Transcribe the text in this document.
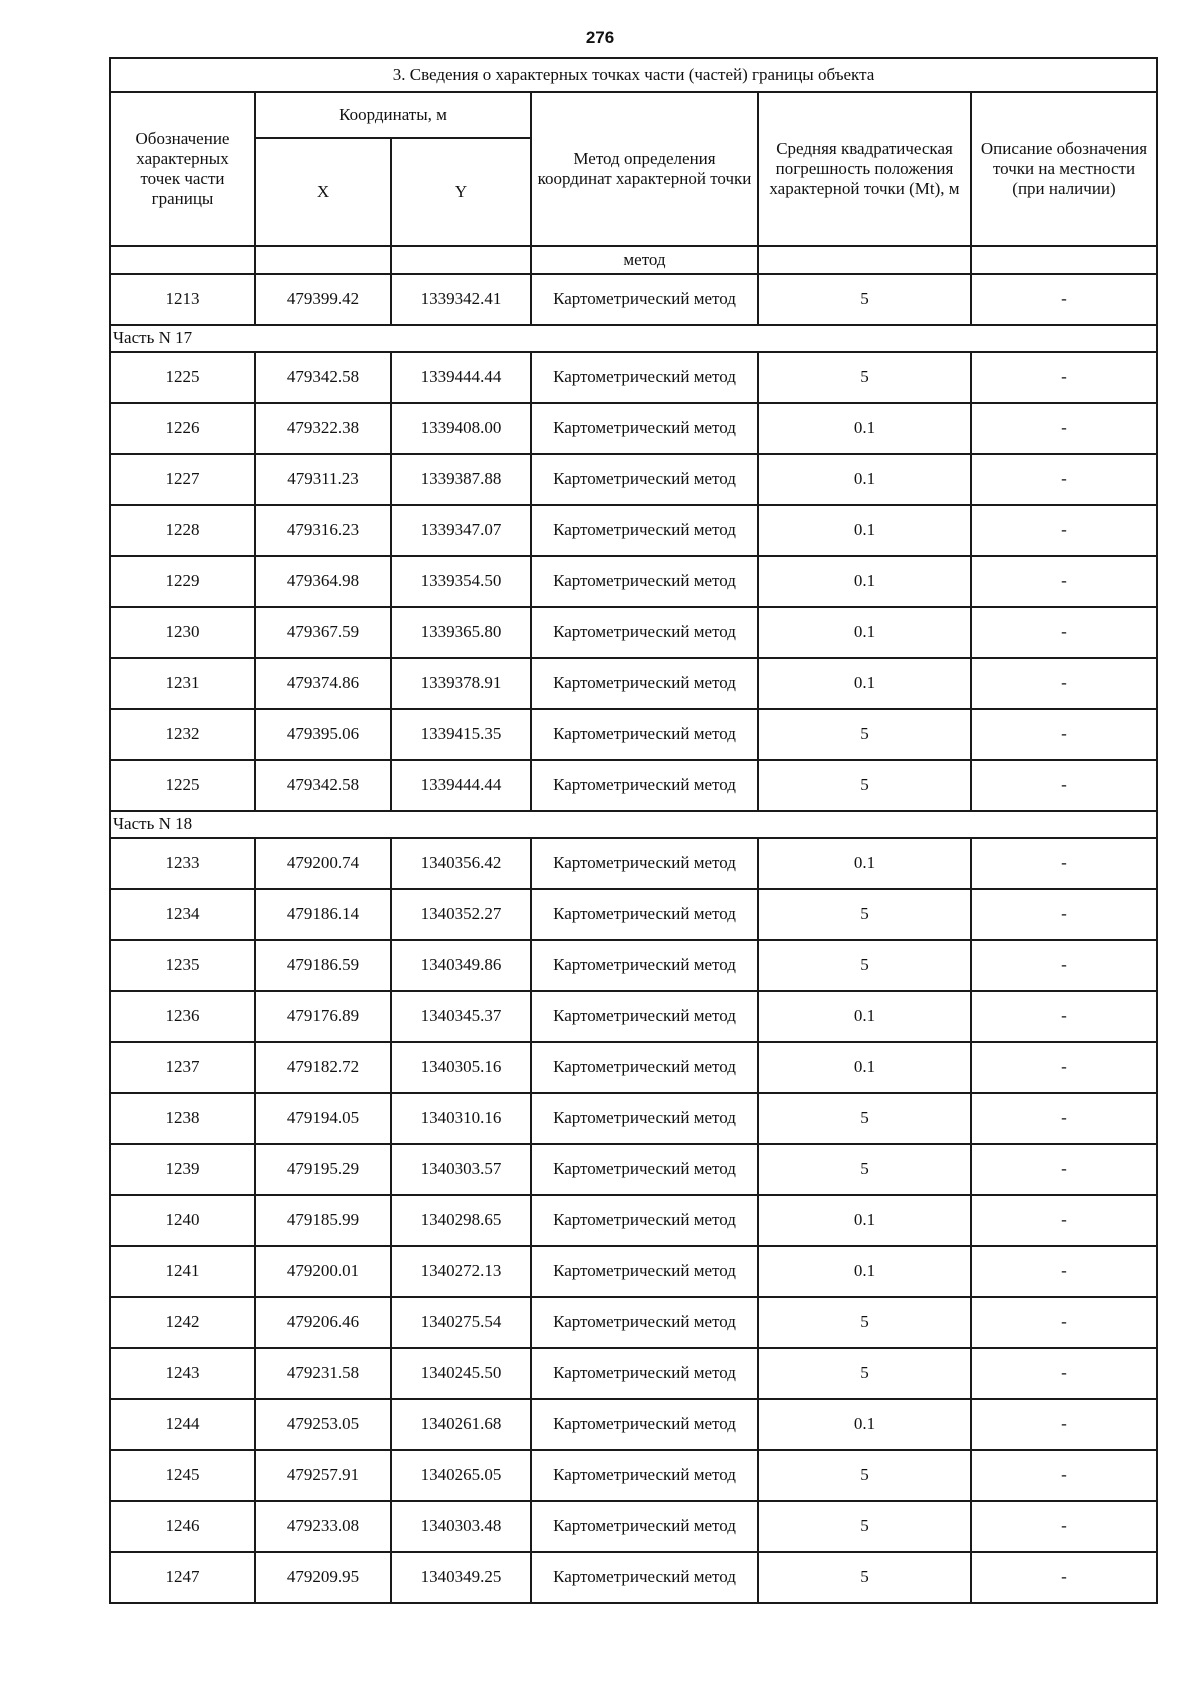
276
3. Сведения о характерных точках части (частей) границы объекта					
Обозначение характерных точек части границы	Координаты, м		Метод определения координат характерной точки	Средняя квадратическая погрешность положения характерной точки (Mt), м	Описание обозначения точки на местности (при наличии)
	X	Y			
			метод		
1213	479399.42	1339342.41	Картометрический метод	5	-
Часть N 17					
1225	479342.58	1339444.44	Картометрический метод	5	-
1226	479322.38	1339408.00	Картометрический метод	0.1	-
1227	479311.23	1339387.88	Картометрический метод	0.1	-
1228	479316.23	1339347.07	Картометрический метод	0.1	-
1229	479364.98	1339354.50	Картометрический метод	0.1	-
1230	479367.59	1339365.80	Картометрический метод	0.1	-
1231	479374.86	1339378.91	Картометрический метод	0.1	-
1232	479395.06	1339415.35	Картометрический метод	5	-
1225	479342.58	1339444.44	Картометрический метод	5	-
Часть N 18					
1233	479200.74	1340356.42	Картометрический метод	0.1	-
1234	479186.14	1340352.27	Картометрический метод	5	-
1235	479186.59	1340349.86	Картометрический метод	5	-
1236	479176.89	1340345.37	Картометрический метод	0.1	-
1237	479182.72	1340305.16	Картометрический метод	0.1	-
1238	479194.05	1340310.16	Картометрический метод	5	-
1239	479195.29	1340303.57	Картометрический метод	5	-
1240	479185.99	1340298.65	Картометрический метод	0.1	-
1241	479200.01	1340272.13	Картометрический метод	0.1	-
1242	479206.46	1340275.54	Картометрический метод	5	-
1243	479231.58	1340245.50	Картометрический метод	5	-
1244	479253.05	1340261.68	Картометрический метод	0.1	-
1245	479257.91	1340265.05	Картометрический метод	5	-
1246	479233.08	1340303.48	Картометрический метод	5	-
1247	479209.95	1340349.25	Картометрический метод	5	-
